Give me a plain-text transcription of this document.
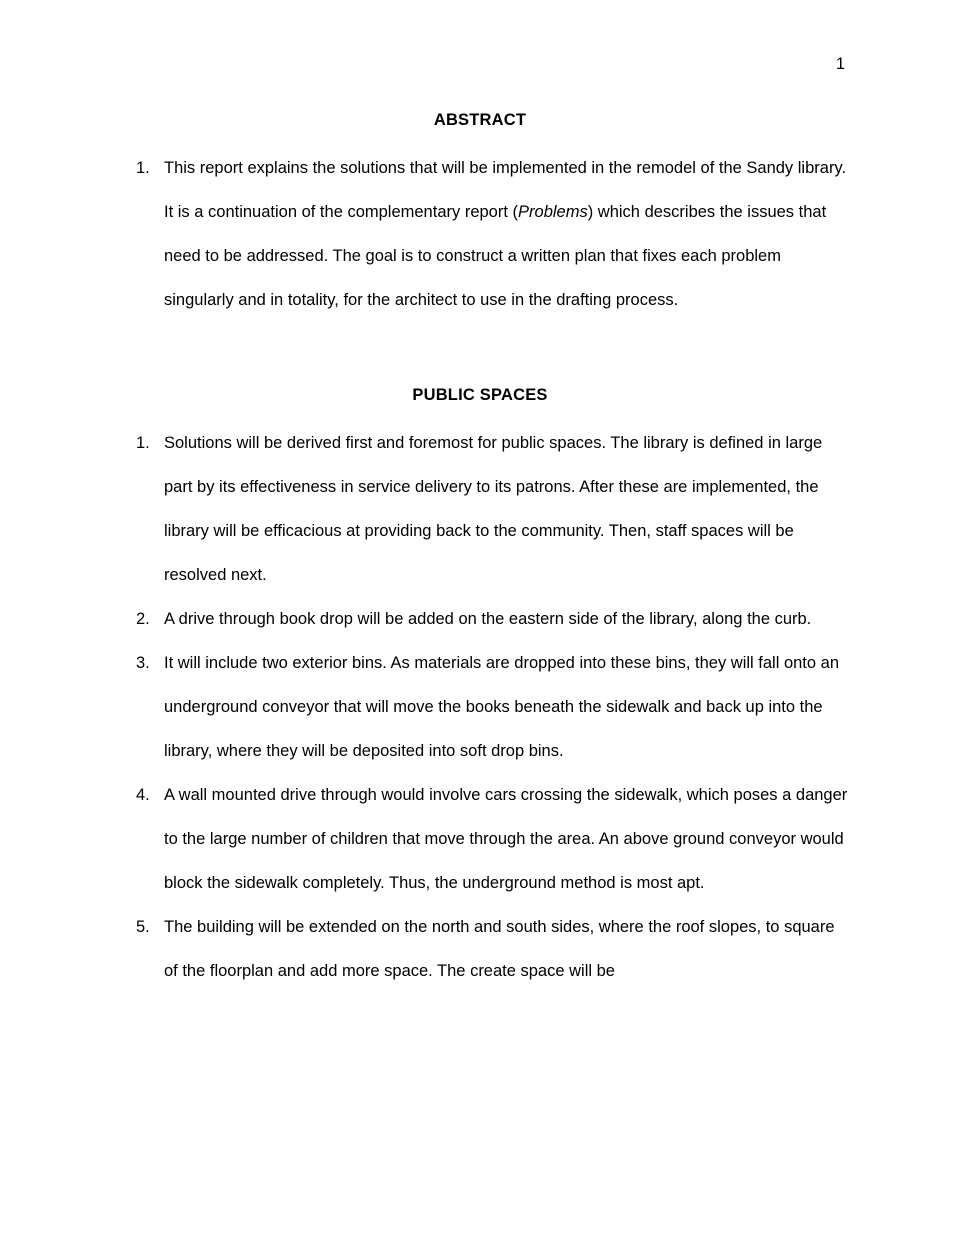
1
ABSTRACT
1. This report explains the solutions that will be implemented in the remodel of the Sandy library. It is a continuation of the complementary report (Problems) which describes the issues that need to be addressed. The goal is to construct a written plan that fixes each problem singularly and in totality, for the architect to use in the drafting process.
PUBLIC SPACES
1. Solutions will be derived first and foremost for public spaces. The library is defined in large part by its effectiveness in service delivery to its patrons. After these are implemented, the library will be efficacious at providing back to the community. Then, staff spaces will be resolved next.
2. A drive through book drop will be added on the eastern side of the library, along the curb.
3. It will include two exterior bins. As materials are dropped into these bins, they will fall onto an underground conveyor that will move the books beneath the sidewalk and back up into the library, where they will be deposited into soft drop bins.
4. A wall mounted drive through would involve cars crossing the sidewalk, which poses a danger to the large number of children that move through the area. An above ground conveyor would block the sidewalk completely. Thus, the underground method is most apt.
5. The building will be extended on the north and south sides, where the roof slopes, to square of the floorplan and add more space. The create space will be
